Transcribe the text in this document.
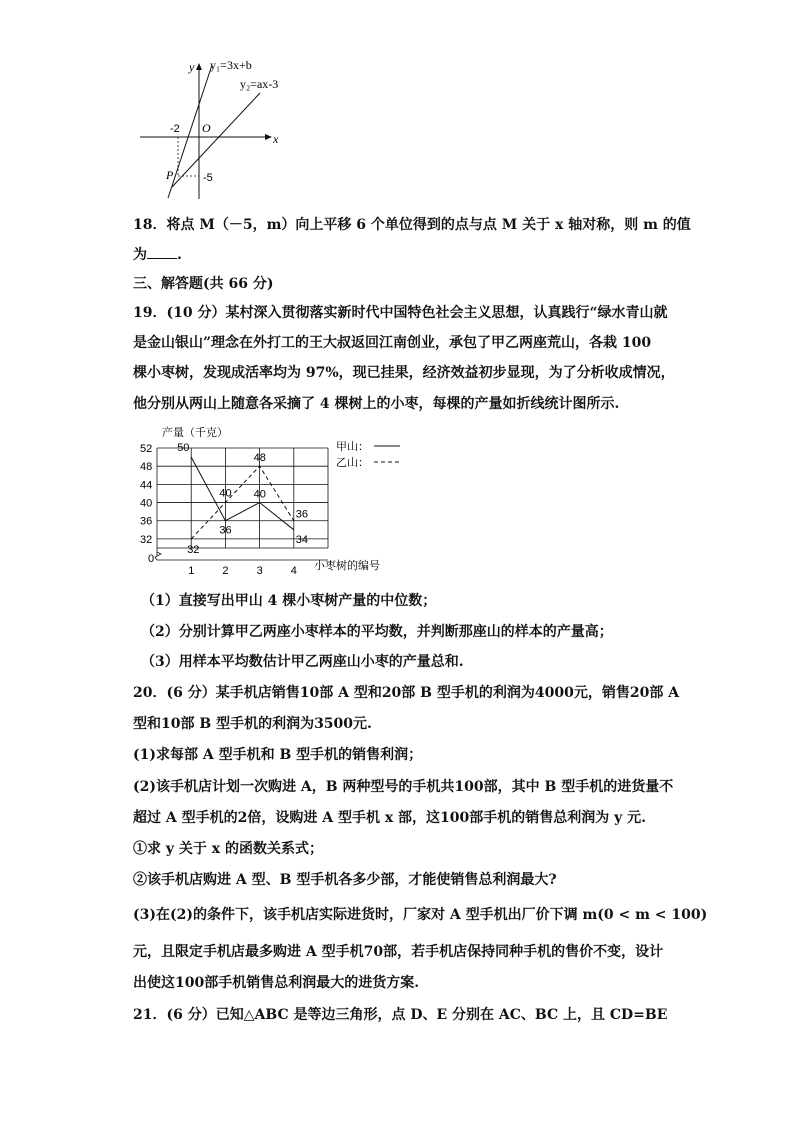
y
x
y₁=3x+b
y₂=ax-3
-2 O
-5
P
18．将点 M（－5，m）向上平移 6 个单位得到的点与点 M 关于 x 轴对称，则 m 的值
为 .
三、解答题(共 66 分)
19．(10 分）某村深入贯彻落实新时代中国特色社会主义思想，认真践行“绿水青山就
是金山银山”理念在外打工的王大叔返回江南创业，承包了甲乙两座荒山，各栽 100
棵小枣树，发现成活率均为 97%，现已挂果，经济效益初步显现，为了分析收成情况，
他分别从两山上随意各采摘了 4 棵树上的小枣，每棵的产量如折线统计图所示.
32
36
40
44
48
52
0
1	2	3	4
50
36
40
34
32
40
48
36
产量（千克）
小枣树的编号
甲山：
乙山：
（1）直接写出甲山 4 棵小枣树产量的中位数；
（2）分别计算甲乙两座小枣样本的平均数，并判断那座山的样本的产量高；
（3）用样本平均数估计甲乙两座山小枣的产量总和.
20．(6 分）某手机店销售10部 A 型和20部 B 型手机的利润为4000元，销售20部 A
型和10部 B 型手机的利润为3500元.
(1)求每部 A 型手机和 B 型手机的销售利润；
(2)该手机店计划一次购进 A，B 两种型号的手机共100部，其中 B 型手机的进货量不
超过 A 型手机的2倍，设购进 A 型手机 x 部，这100部手机的销售总利润为 y 元.
①求 y 关于 x 的函数关系式；
②该手机店购进 A 型、B 型手机各多少部，才能使销售总利润最大?
(3)在(2)的条件下，该手机店实际进货时，厂家对 A 型手机出厂价下调 m(0 < m < 100)
元，且限定手机店最多购进 A 型手机70部，若手机店保持同种手机的售价不变，设计
出使这100部手机销售总利润最大的进货方案.
21．(6 分）已知△ABC 是等边三角形，点 D、E 分别在 AC、BC 上，且 CD=BE
